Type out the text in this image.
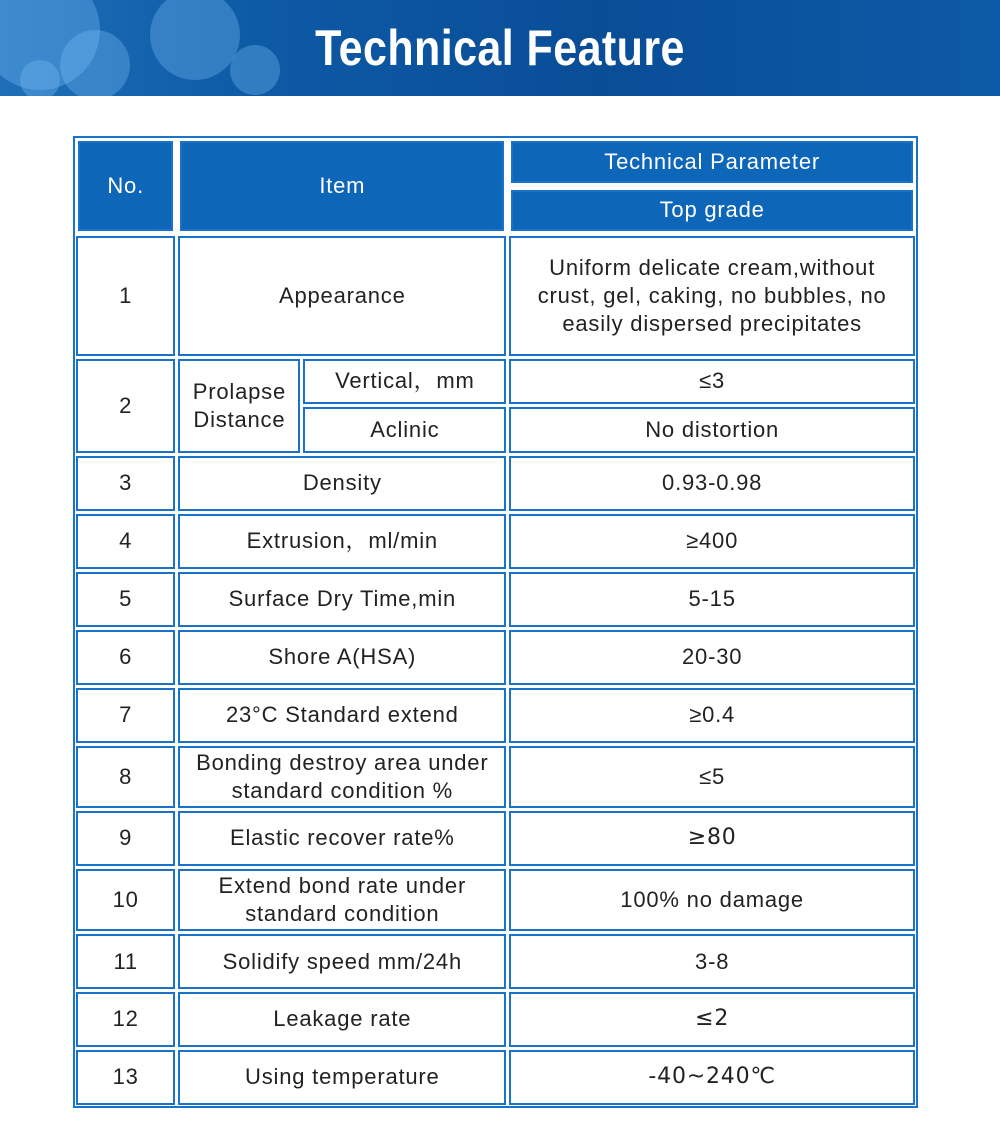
Technical Feature
No.	Item		Technical Parameter
			Top grade
1	Appearance		Uniform delicate cream,without crust, gel, caking, no bubbles, no easily dispersed precipitates
2	Prolapse Distance	Vertical，mm	≤3
		Aclinic	No distortion
3	Density		0.93-0.98
4	Extrusion，ml/min		≥400
5	Surface Dry Time,min		5-15
6	Shore A(HSA)		20-30
7	23°C Standard extend		≥0.4
8	Bonding destroy area under standard condition %		≤5
9	Elastic recover rate%		≥80
10	Extend bond rate under standard condition		100% no damage
11	Solidify speed mm/24h		3-8
12	Leakage rate		≤2
13	Using temperature		-40~240℃
